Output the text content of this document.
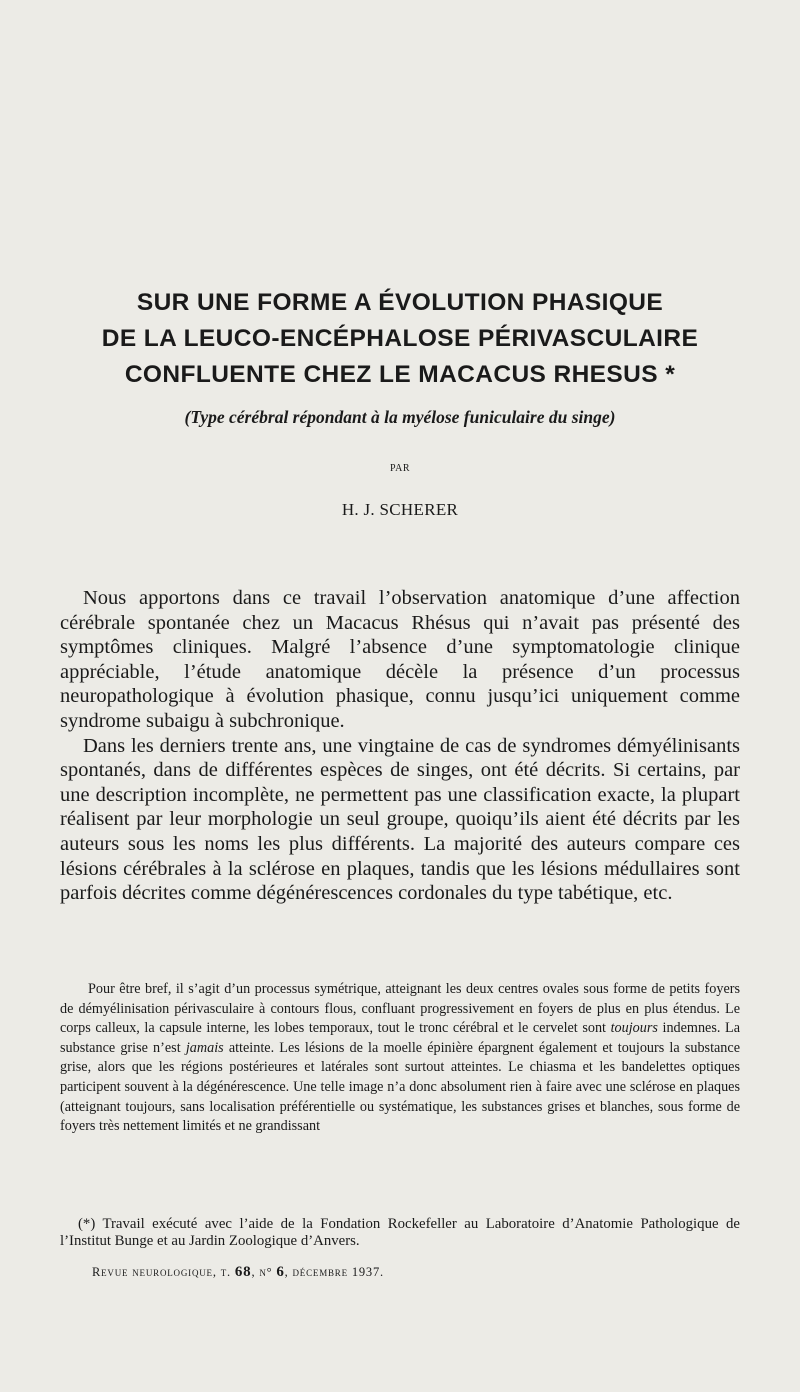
SUR UNE FORME A ÉVOLUTION PHASIQUE
DE LA LEUCO-ENCÉPHALOSE PÉRIVASCULAIRE
CONFLUENTE CHEZ LE MACACUS RHESUS *
(Type cérébral répondant à la myélose funiculaire du singe)
PAR
H. J. SCHERER

Nous apportons dans ce travail l’observation anatomique d’une affection cérébrale spontanée chez un Macacus Rhésus qui n’avait pas présenté des symptômes cliniques. Malgré l’absence d’une symptomatologie clinique appréciable, l’étude anatomique décèle la présence d’un processus neuropathologique à évolution phasique, connu jusqu’ici uniquement comme syndrome subaigu à subchronique.

Dans les derniers trente ans, une vingtaine de cas de syndromes démyélinisants spontanés, dans de différentes espèces de singes, ont été décrits. Si certains, par une description incomplète, ne permettent pas une classification exacte, la plupart réalisent par leur morphologie un seul groupe, quoiqu’ils aient été décrits par les auteurs sous les noms les plus différents. La majorité des auteurs compare ces lésions cérébrales à la sclérose en plaques, tandis que les lésions médullaires sont parfois décrites comme dégénérescences cordonales du type tabétique, etc.

Pour être bref, il s’agit d’un processus symétrique, atteignant les deux centres ovales sous forme de petits foyers de démyélinisation périvasculaire à contours flous, confluant progressivement en foyers de plus en plus étendus. Le corps calleux, la capsule interne, les lobes temporaux, tout le tronc cérébral et le cervelet sont toujours indemnes. La substance grise n’est jamais atteinte. Les lésions de la moelle épinière épargnent également et toujours la substance grise, alors que les régions postérieures et latérales sont surtout atteintes. Le chiasma et les bandelettes optiques participent souvent à la dégénérescence. Une telle image n’a donc absolument rien à faire avec une sclérose en plaques (atteignant toujours, sans localisation préférentielle ou systématique, les substances grises et blanches, sous forme de foyers très nettement limités et ne grandissant

(*) Travail exécuté avec l’aide de la Fondation Rockefeller au Laboratoire d’Anatomie Pathologique de l’Institut Bunge et au Jardin Zoologique d’Anvers.

Revue neurologique, t. 68, n° 6, décembre 1937.
